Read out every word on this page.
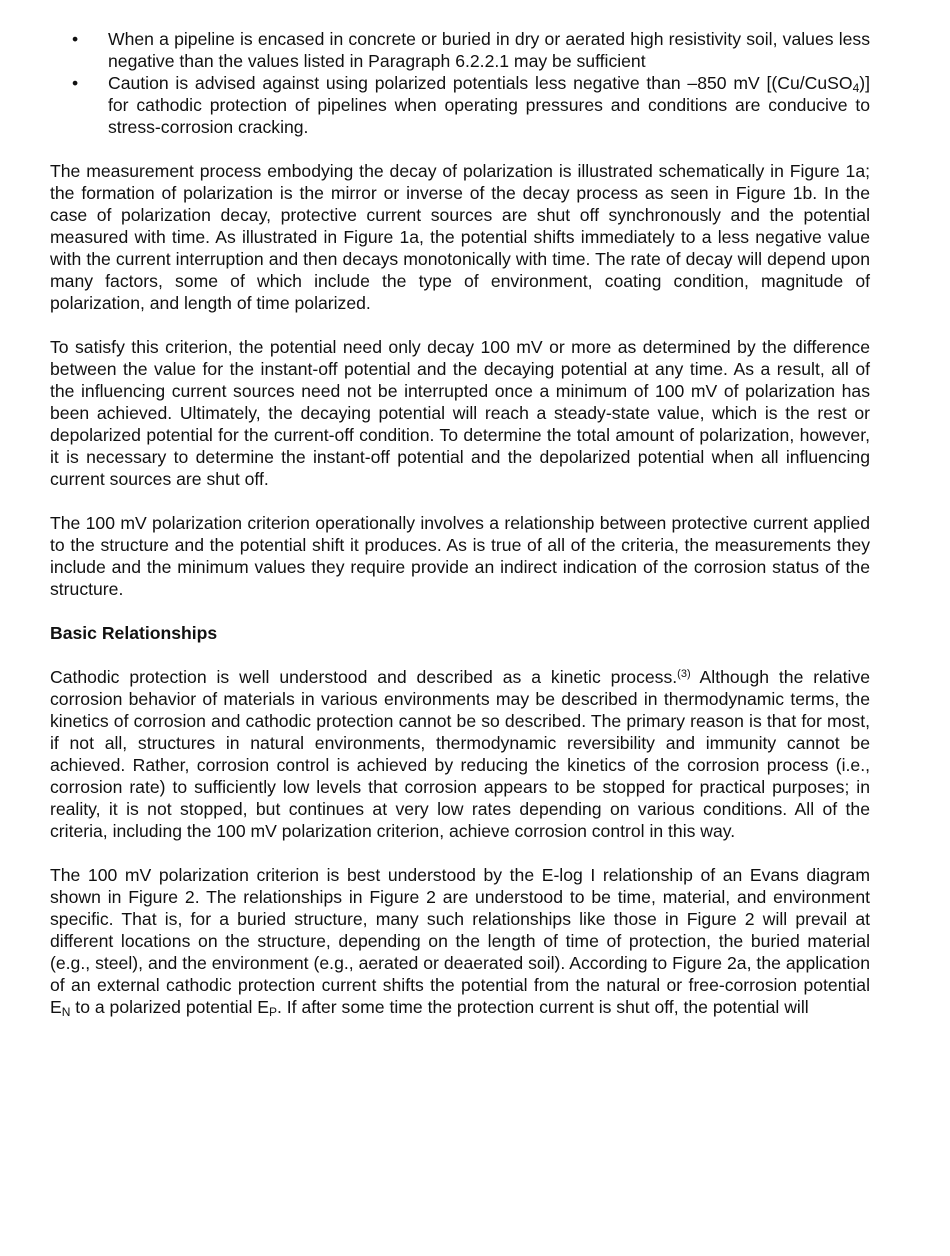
• When a pipeline is encased in concrete or buried in dry or aerated high resistivity soil, values less negative than the values listed in Paragraph 6.2.2.1 may be sufficient
• Caution is advised against using polarized potentials less negative than –850 mV [(Cu/CuSO$_4$)] for cathodic protection of pipelines when operating pressures and conditions are conducive to stress-corrosion cracking.

The measurement process embodying the decay of polarization is illustrated schematically in Figure 1a; the formation of polarization is the mirror or inverse of the decay process as seen in Figure 1b. In the case of polarization decay, protective current sources are shut off synchronously and the potential measured with time. As illustrated in Figure 1a, the potential shifts immediately to a less negative value with the current interruption and then decays monotonically with time. The rate of decay will depend upon many factors, some of which include the type of environment, coating condition, magnitude of polarization, and length of time polarized.

To satisfy this criterion, the potential need only decay 100 mV or more as determined by the difference between the value for the instant-off potential and the decaying potential at any time. As a result, all of the influencing current sources need not be interrupted once a minimum of 100 mV of polarization has been achieved. Ultimately, the decaying potential will reach a steady-state value, which is the rest or depolarized potential for the current-off condition. To determine the total amount of polarization, however, it is necessary to determine the instant-off potential and the depolarized potential when all influencing current sources are shut off.

The 100 mV polarization criterion operationally involves a relationship between protective current applied to the structure and the potential shift it produces. As is true of all of the criteria, the measurements they include and the minimum values they require provide an indirect indication of the corrosion status of the structure.

Basic Relationships

Cathodic protection is well understood and described as a kinetic process.$^{(3)}$ Although the relative corrosion behavior of materials in various environments may be described in thermodynamic terms, the kinetics of corrosion and cathodic protection cannot be so described. The primary reason is that for most, if not all, structures in natural environments, thermodynamic reversibility and immunity cannot be achieved. Rather, corrosion control is achieved by reducing the kinetics of the corrosion process (i.e., corrosion rate) to sufficiently low levels that corrosion appears to be stopped for practical purposes; in reality, it is not stopped, but continues at very low rates depending on various conditions. All of the criteria, including the 100 mV polarization criterion, achieve corrosion control in this way.

The 100 mV polarization criterion is best understood by the E-log I relationship of an Evans diagram shown in Figure 2. The relationships in Figure 2 are understood to be time, material, and environment specific. That is, for a buried structure, many such relationships like those in Figure 2 will prevail at different locations on the structure, depending on the length of time of protection, the buried material (e.g., steel), and the environment (e.g., aerated or deaerated soil). According to Figure 2a, the application of an external cathodic protection current shifts the potential from the natural or free-corrosion potential $E_N$ to a polarized potential $E_P$. If after some time the protection current is shut off, the potential will
